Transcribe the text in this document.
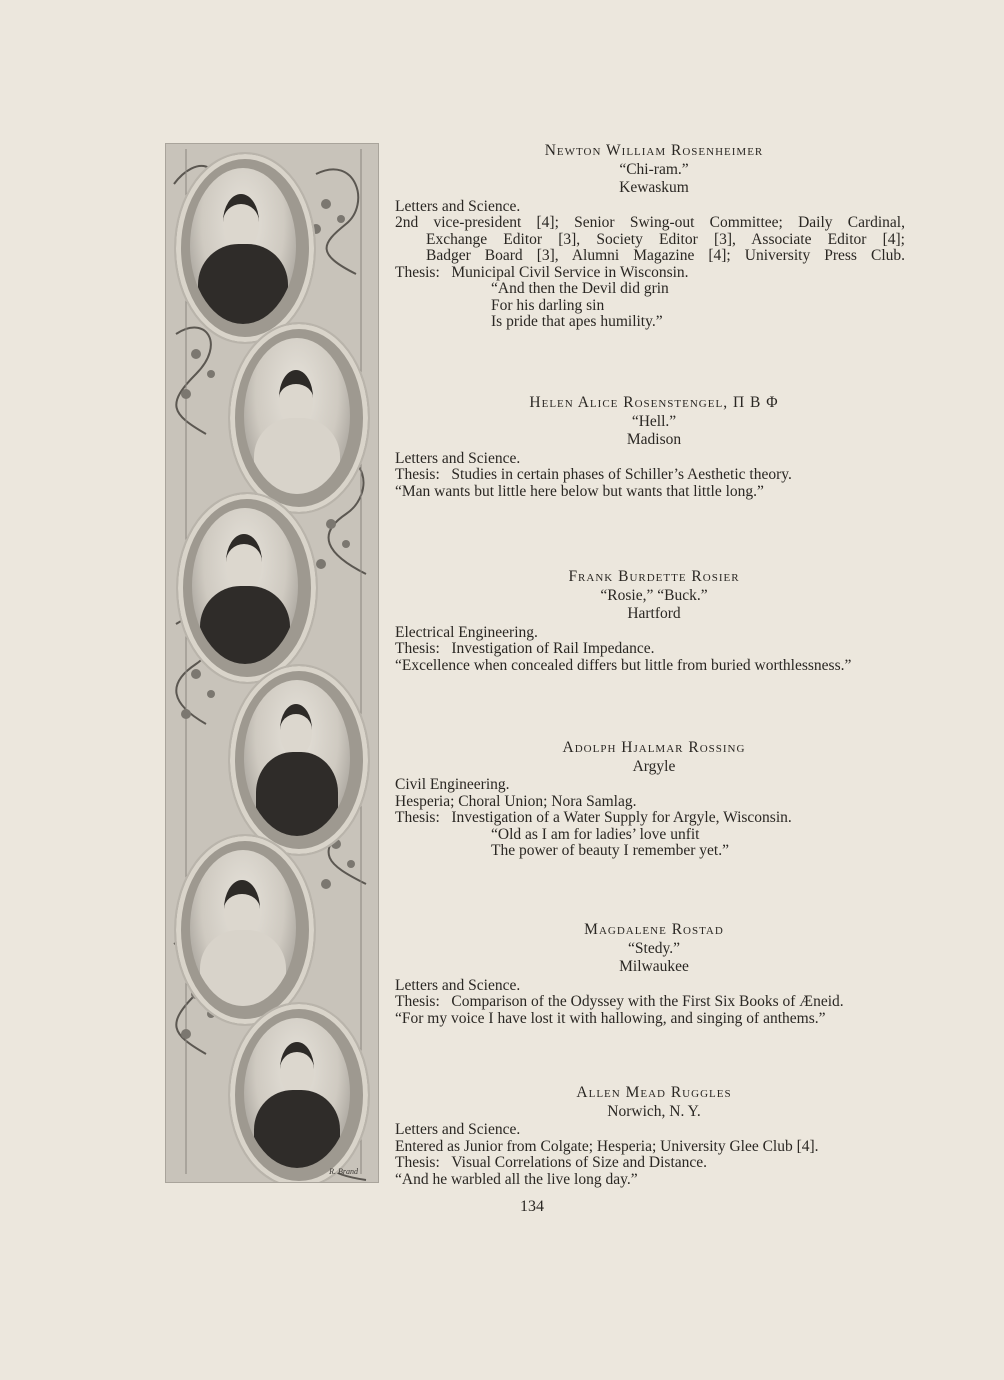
R. Brand
Newton William Rosenheimer
“Chi-ram.”
Kewaskum
Letters and Science.
2nd vice-president [4]; Senior Swing-out Committee; Daily Cardinal,
Exchange Editor [3], Society Editor [3], Associate Editor [4];
Badger Board [3], Alumni Magazine [4]; University Press Club.
Thesis:   Municipal Civil Service in Wisconsin.
“And then the Devil did grin
For his darling sin
Is pride that apes humility.”
Helen Alice Rosenstengel, Π B Φ
“Hell.”
Madison
Letters and Science.
Thesis:   Studies in certain phases of Schiller’s Aesthetic theory.
“Man wants but little here below but wants that little long.”
Frank Burdette Rosier
“Rosie,” “Buck.”
Hartford
Electrical Engineering.
Thesis:   Investigation of Rail Impedance.
“Excellence when concealed differs but little from buried worthlessness.”
Adolph Hjalmar Rossing
Argyle
Civil Engineering.
Hesperia; Choral Union; Nora Samlag.
Thesis:   Investigation of a Water Supply for Argyle, Wisconsin.
“Old as I am for ladies’ love unfit
The power of beauty I remember yet.”
Magdalene Rostad
“Stedy.”
Milwaukee
Letters and Science.
Thesis:   Comparison of the Odyssey with the First Six Books of Æneid.
“For my voice I have lost it with hallowing, and singing of anthems.”
Allen Mead Ruggles
Norwich, N. Y.
Letters and Science.
Entered as Junior from Colgate; Hesperia; University Glee Club [4].
Thesis:   Visual Correlations of Size and Distance.
“And he warbled all the live long day.”
134
